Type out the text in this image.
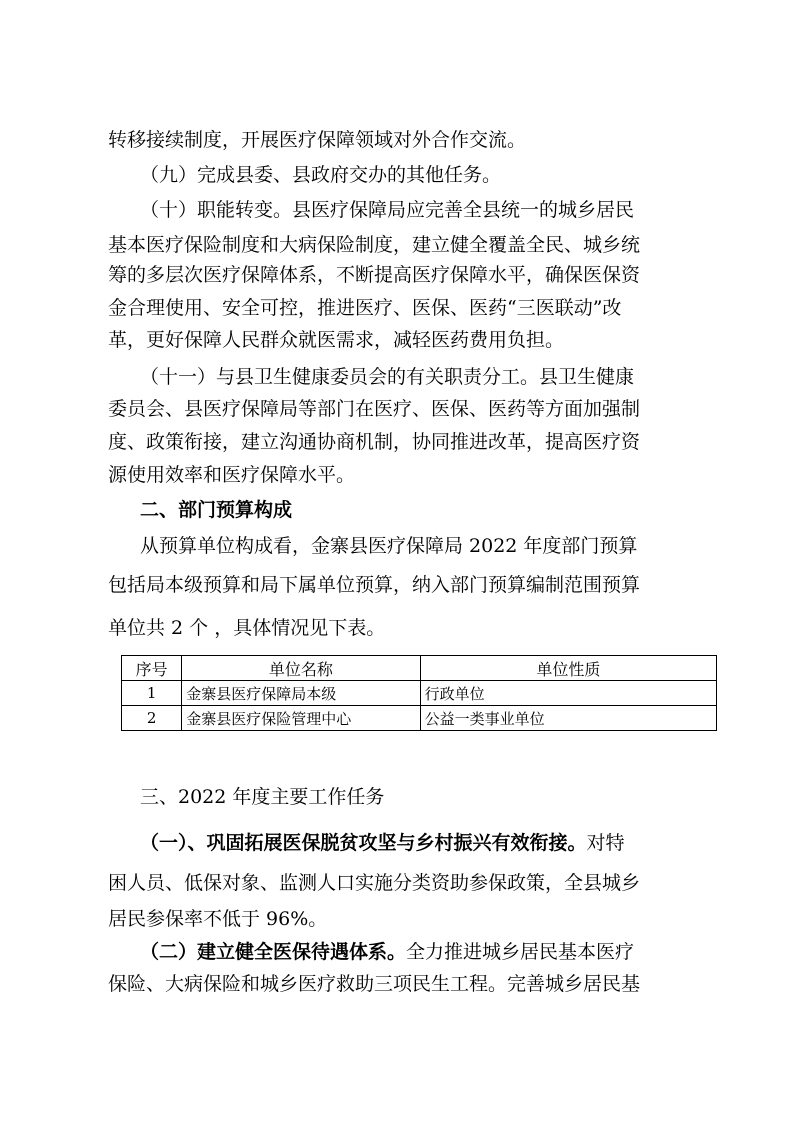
转移接续制度，开展医疗保障领域对外合作交流。
（九）完成县委、县政府交办的其他任务。
（十）职能转变。县医疗保障局应完善全县统一的城乡居民
基本医疗保险制度和大病保险制度，建立健全覆盖全民、城乡统
筹的多层次医疗保障体系，不断提高医疗保障水平，确保医保资
金合理使用、安全可控，推进医疗、医保、医药“三医联动”改
革，更好保障人民群众就医需求，减轻医药费用负担。
（十一）与县卫生健康委员会的有关职责分工。县卫生健康
委员会、县医疗保障局等部门在医疗、医保、医药等方面加强制
度、政策衔接，建立沟通协商机制，协同推进改革，提高医疗资
源使用效率和医疗保障水平。
二、部门预算构成
从预算单位构成看，金寨县医疗保障局 2022 年度部门预算
包括局本级预算和局下属单位预算，纳入部门预算编制范围预算
单位共 2 个 ，具体情况见下表。
序号	单位名称	单位性质
1	金寨县医疗保障局本级	行政单位
2	金寨县医疗保险管理中心	公益一类事业单位
三、2022 年度主要工作任务
（一）、巩固拓展医保脱贫攻坚与乡村振兴有效衔接。对特
困人员、低保对象、监测人口实施分类资助参保政策，全县城乡
居民参保率不低于 96%。
（二）建立健全医保待遇体系。全力推进城乡居民基本医疗
保险、大病保险和城乡医疗救助三项民生工程。完善城乡居民基
